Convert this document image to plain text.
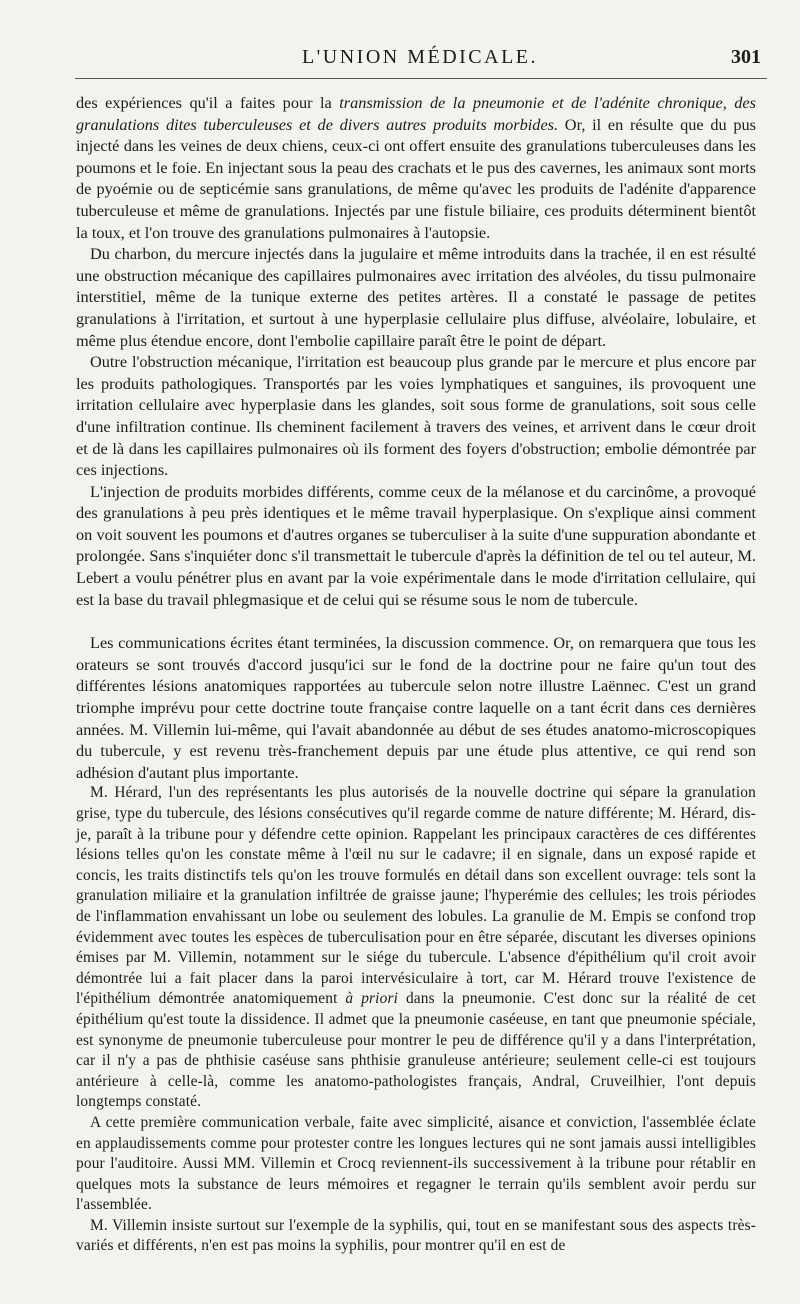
L'UNION MÉDICALE.	301

des expériences qu'il a faites pour la transmission de la pneumonie et de l'adénite chronique, des granulations dites tuberculeuses et de divers autres produits morbides. Or, il en résulte que du pus injecté dans les veines de deux chiens, ceux-ci ont offert ensuite des granulations tuberculeuses dans les poumons et le foie. En injectant sous la peau des crachats et le pus des cavernes, les animaux sont morts de pyoémie ou de septicémie sans granulations, de même qu'avec les produits de l'adénite d'apparence tuberculeuse et même de granulations. Injectés par une fistule biliaire, ces produits déterminent bientôt la toux, et l'on trouve des granulations pulmonaires à l'autopsie.

Du charbon, du mercure injectés dans la jugulaire et même introduits dans la trachée, il en est résulté une obstruction mécanique des capillaires pulmonaires avec irritation des alvéoles, du tissu pulmonaire interstitiel, même de la tunique externe des petites artères. Il a constaté le passage de petites granulations à l'irritation, et surtout à une hyperplasie cellulaire plus diffuse, alvéolaire, lobulaire, et même plus étendue encore, dont l'embolie capillaire paraît être le point de départ.

Outre l'obstruction mécanique, l'irritation est beaucoup plus grande par le mercure et plus encore par les produits pathologiques. Transportés par les voies lymphatiques et sanguines, ils provoquent une irritation cellulaire avec hyperplasie dans les glandes, soit sous forme de granulations, soit sous celle d'une infiltration continue. Ils cheminent facilement à travers des veines, et arrivent dans le cœur droit et de là dans les capillaires pulmonaires où ils forment des foyers d'obstruction; embolie démontrée par ces injections.

L'injection de produits morbides différents, comme ceux de la mélanose et du carcinôme, a provoqué des granulations à peu près identiques et le même travail hyperplasique. On s'explique ainsi comment on voit souvent les poumons et d'autres organes se tuberculiser à la suite d'une suppuration abondante et prolongée. Sans s'inquiéter donc s'il transmettait le tubercule d'après la définition de tel ou tel auteur, M. Lebert a voulu pénétrer plus en avant par la voie expérimentale dans le mode d'irritation cellulaire, qui est la base du travail phlegmasique et de celui qui se résume sous le nom de tubercule.

Les communications écrites étant terminées, la discussion commence. Or, on remarquera que tous les orateurs se sont trouvés d'accord jusqu'ici sur le fond de la doctrine pour ne faire qu'un tout des différentes lésions anatomiques rapportées au tubercule selon notre illustre Laënnec. C'est un grand triomphe imprévu pour cette doctrine toute française contre laquelle on a tant écrit dans ces dernières années. M. Villemin lui-même, qui l'avait abandonnée au début de ses études anatomo-microscopiques du tubercule, y est revenu très-franchement depuis par une étude plus attentive, ce qui rend son adhésion d'autant plus importante.

M. Hérard, l'un des représentants les plus autorisés de la nouvelle doctrine qui sépare la granulation grise, type du tubercule, des lésions consécutives qu'il regarde comme de nature différente; M. Hérard, dis-je, paraît à la tribune pour y défendre cette opinion. Rappelant les principaux caractères de ces différentes lésions telles qu'on les constate même à l'œil nu sur le cadavre; il en signale, dans un exposé rapide et concis, les traits distinctifs tels qu'on les trouve formulés en détail dans son excellent ouvrage: tels sont la granulation miliaire et la granulation infiltrée de graisse jaune; l'hyperémie des cellules; les trois périodes de l'inflammation envahissant un lobe ou seulement des lobules. La granulie de M. Empis se confond trop évidemment avec toutes les espèces de tuberculisation pour en être séparée, discutant les diverses opinions émises par M. Villemin, notamment sur le siége du tubercule. L'absence d'épithélium qu'il croit avoir démontrée lui a fait placer dans la paroi intervésiculaire à tort, car M. Hérard trouve l'existence de l'épithélium démontrée anatomiquement à priori dans la pneumonie. C'est donc sur la réalité de cet épithélium qu'est toute la dissidence. Il admet que la pneumonie caséeuse, en tant que pneumonie spéciale, est synonyme de pneumonie tuberculeuse pour montrer le peu de différence qu'il y a dans l'interprétation, car il n'y a pas de phthisie caséuse sans phthisie granuleuse antérieure; seulement celle-ci est toujours antérieure à celle-là, comme les anatomo-pathologistes français, Andral, Cruveilhier, l'ont depuis longtemps constaté.

A cette première communication verbale, faite avec simplicité, aisance et conviction, l'assemblée éclate en applaudissements comme pour protester contre les longues lectures qui ne sont jamais aussi intelligibles pour l'auditoire. Aussi MM. Villemin et Crocq reviennent-ils successivement à la tribune pour rétablir en quelques mots la substance de leurs mémoires et regagner le terrain qu'ils semblent avoir perdu sur l'assemblée.

M. Villemin insiste surtout sur l'exemple de la syphilis, qui, tout en se manifestant sous des aspects très-variés et différents, n'en est pas moins la syphilis, pour montrer qu'il en est de
